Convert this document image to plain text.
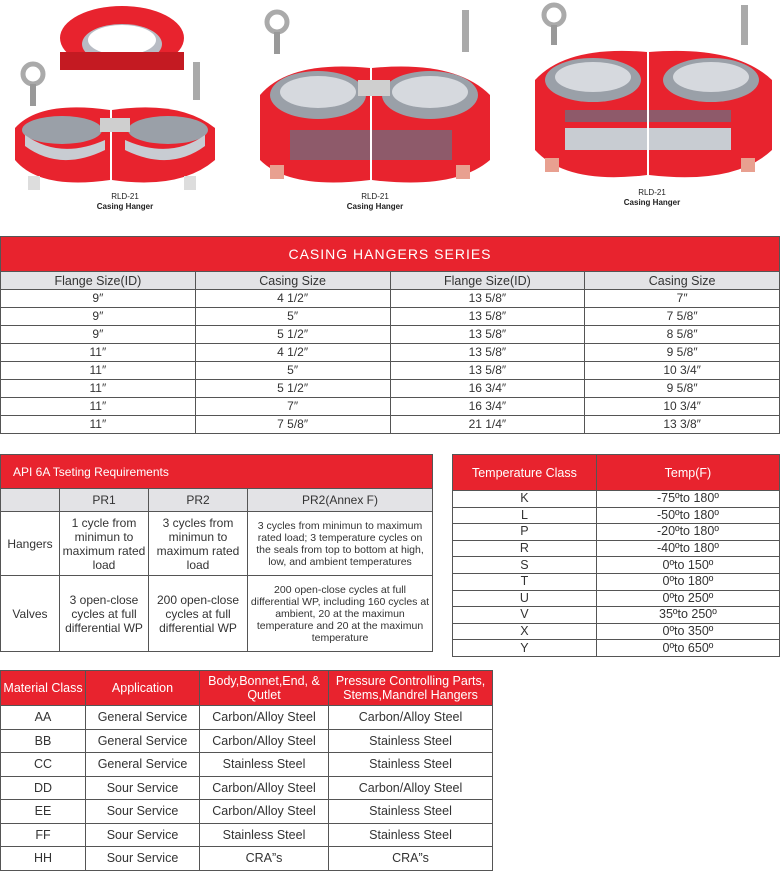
RLD-21
Casing Hanger
RLD-21
Casing Hanger
RLD-21
Casing Hanger
CASING HANGERS SERIES			
Flange Size(ID)	Casing Size	Flange Size(ID)	Casing Size
9″	4 1/2″	13 5/8″	7″
9″	5″	13 5/8″	7 5/8″
9″	5 1/2″	13 5/8″	8 5/8″
11″	4 1/2″	13 5/8″	9 5/8″
11″	5″	13 5/8″	10 3/4″
11″	5 1/2″	16 3/4″	9 5/8″
11″	7″	16 3/4″	10 3/4″
11″	7 5/8″	21 1/4″	13 3/8″
API 6A Tseting Requirements			
	PR1	PR2	PR2(Annex F)
Hangers	1 cycle from minimun to maximum rated load	3 cycles from minimun to maximum rated load	3 cycles from minimun to maximum rated load; 3 temperature cycles on the seals from top to bottom at high, low, and ambient temperatures
Valves	3 open-close cycles at full differential WP	200 open-close cycles at full differential WP	200 open-close cycles at full differential WP, including 160 cycles at ambient, 20 at the maximun temperature and 20 at the maximun temperature
Temperature Class	Temp(F)
K	-75ºto 180º
L	-50ºto 180º
P	-20ºto 180º
R	-40ºto 180º
S	0ºto 150º
T	0ºto 180º
U	0ºto 250º
V	35ºto 250º
X	0ºto 350º
Y	0ºto 650º
Material Class	Application	Body,Bonnet,End, & Qutlet	Pressure Controlling Parts, Stems,Mandrel Hangers
AA	General Service	Carbon/Alloy Steel	Carbon/Alloy Steel
BB	General Service	Carbon/Alloy Steel	Stainless Steel
CC	General Service	Stainless Steel	Stainless Steel
DD	Sour Service	Carbon/Alloy Steel	Carbon/Alloy Steel
EE	Sour Service	Carbon/Alloy Steel	Stainless Steel
FF	Sour Service	Stainless Steel	Stainless Steel
HH	Sour Service	CRA”s	CRA”s
